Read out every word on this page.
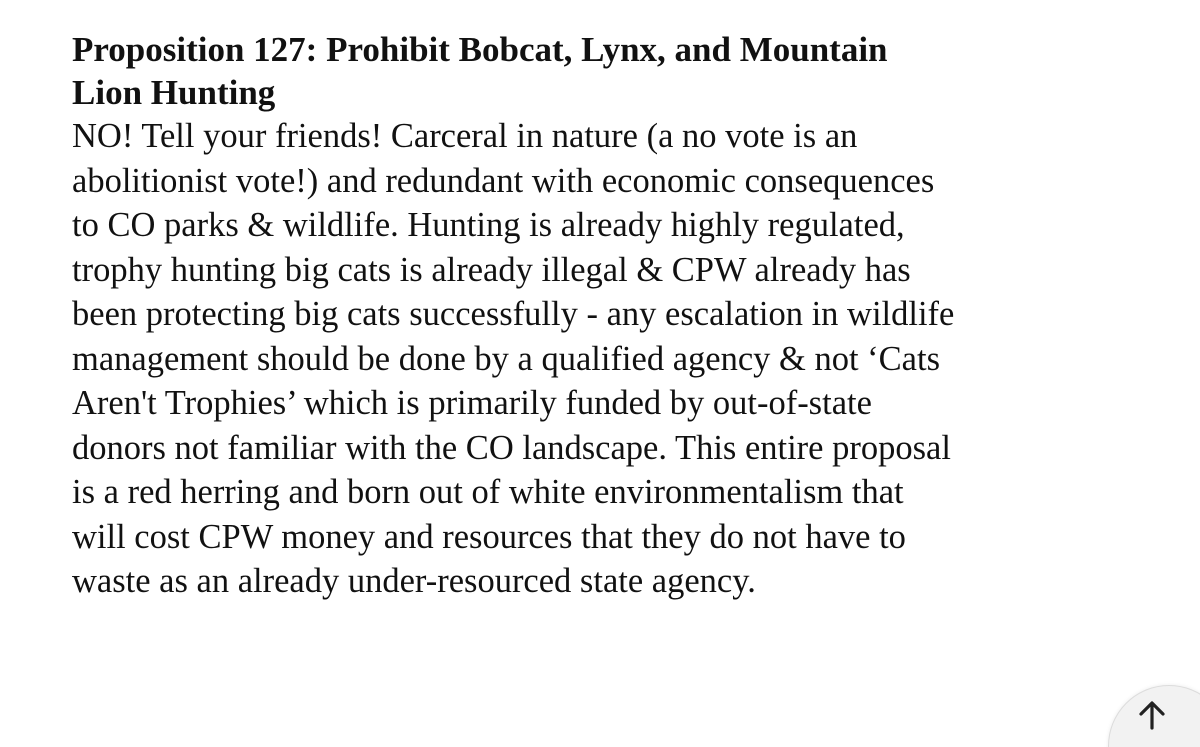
Proposition 127: Prohibit Bobcat, Lynx, and Mountain
Lion Hunting

NO! Tell your friends! Carceral in nature (a no vote is an
abolitionist vote!) and redundant with economic consequences
to CO parks & wildlife. Hunting is already highly regulated,
trophy hunting big cats is already illegal & CPW already has
been protecting big cats successfully - any escalation in wildlife
management should be done by a qualified agency & not ‘Cats
Aren't Trophies’ which is primarily funded by out-of-state
donors not familiar with the CO landscape. This entire proposal
is a red herring and born out of white environmentalism that
will cost CPW money and resources that they do not have to
waste as an already under-resourced state agency.
